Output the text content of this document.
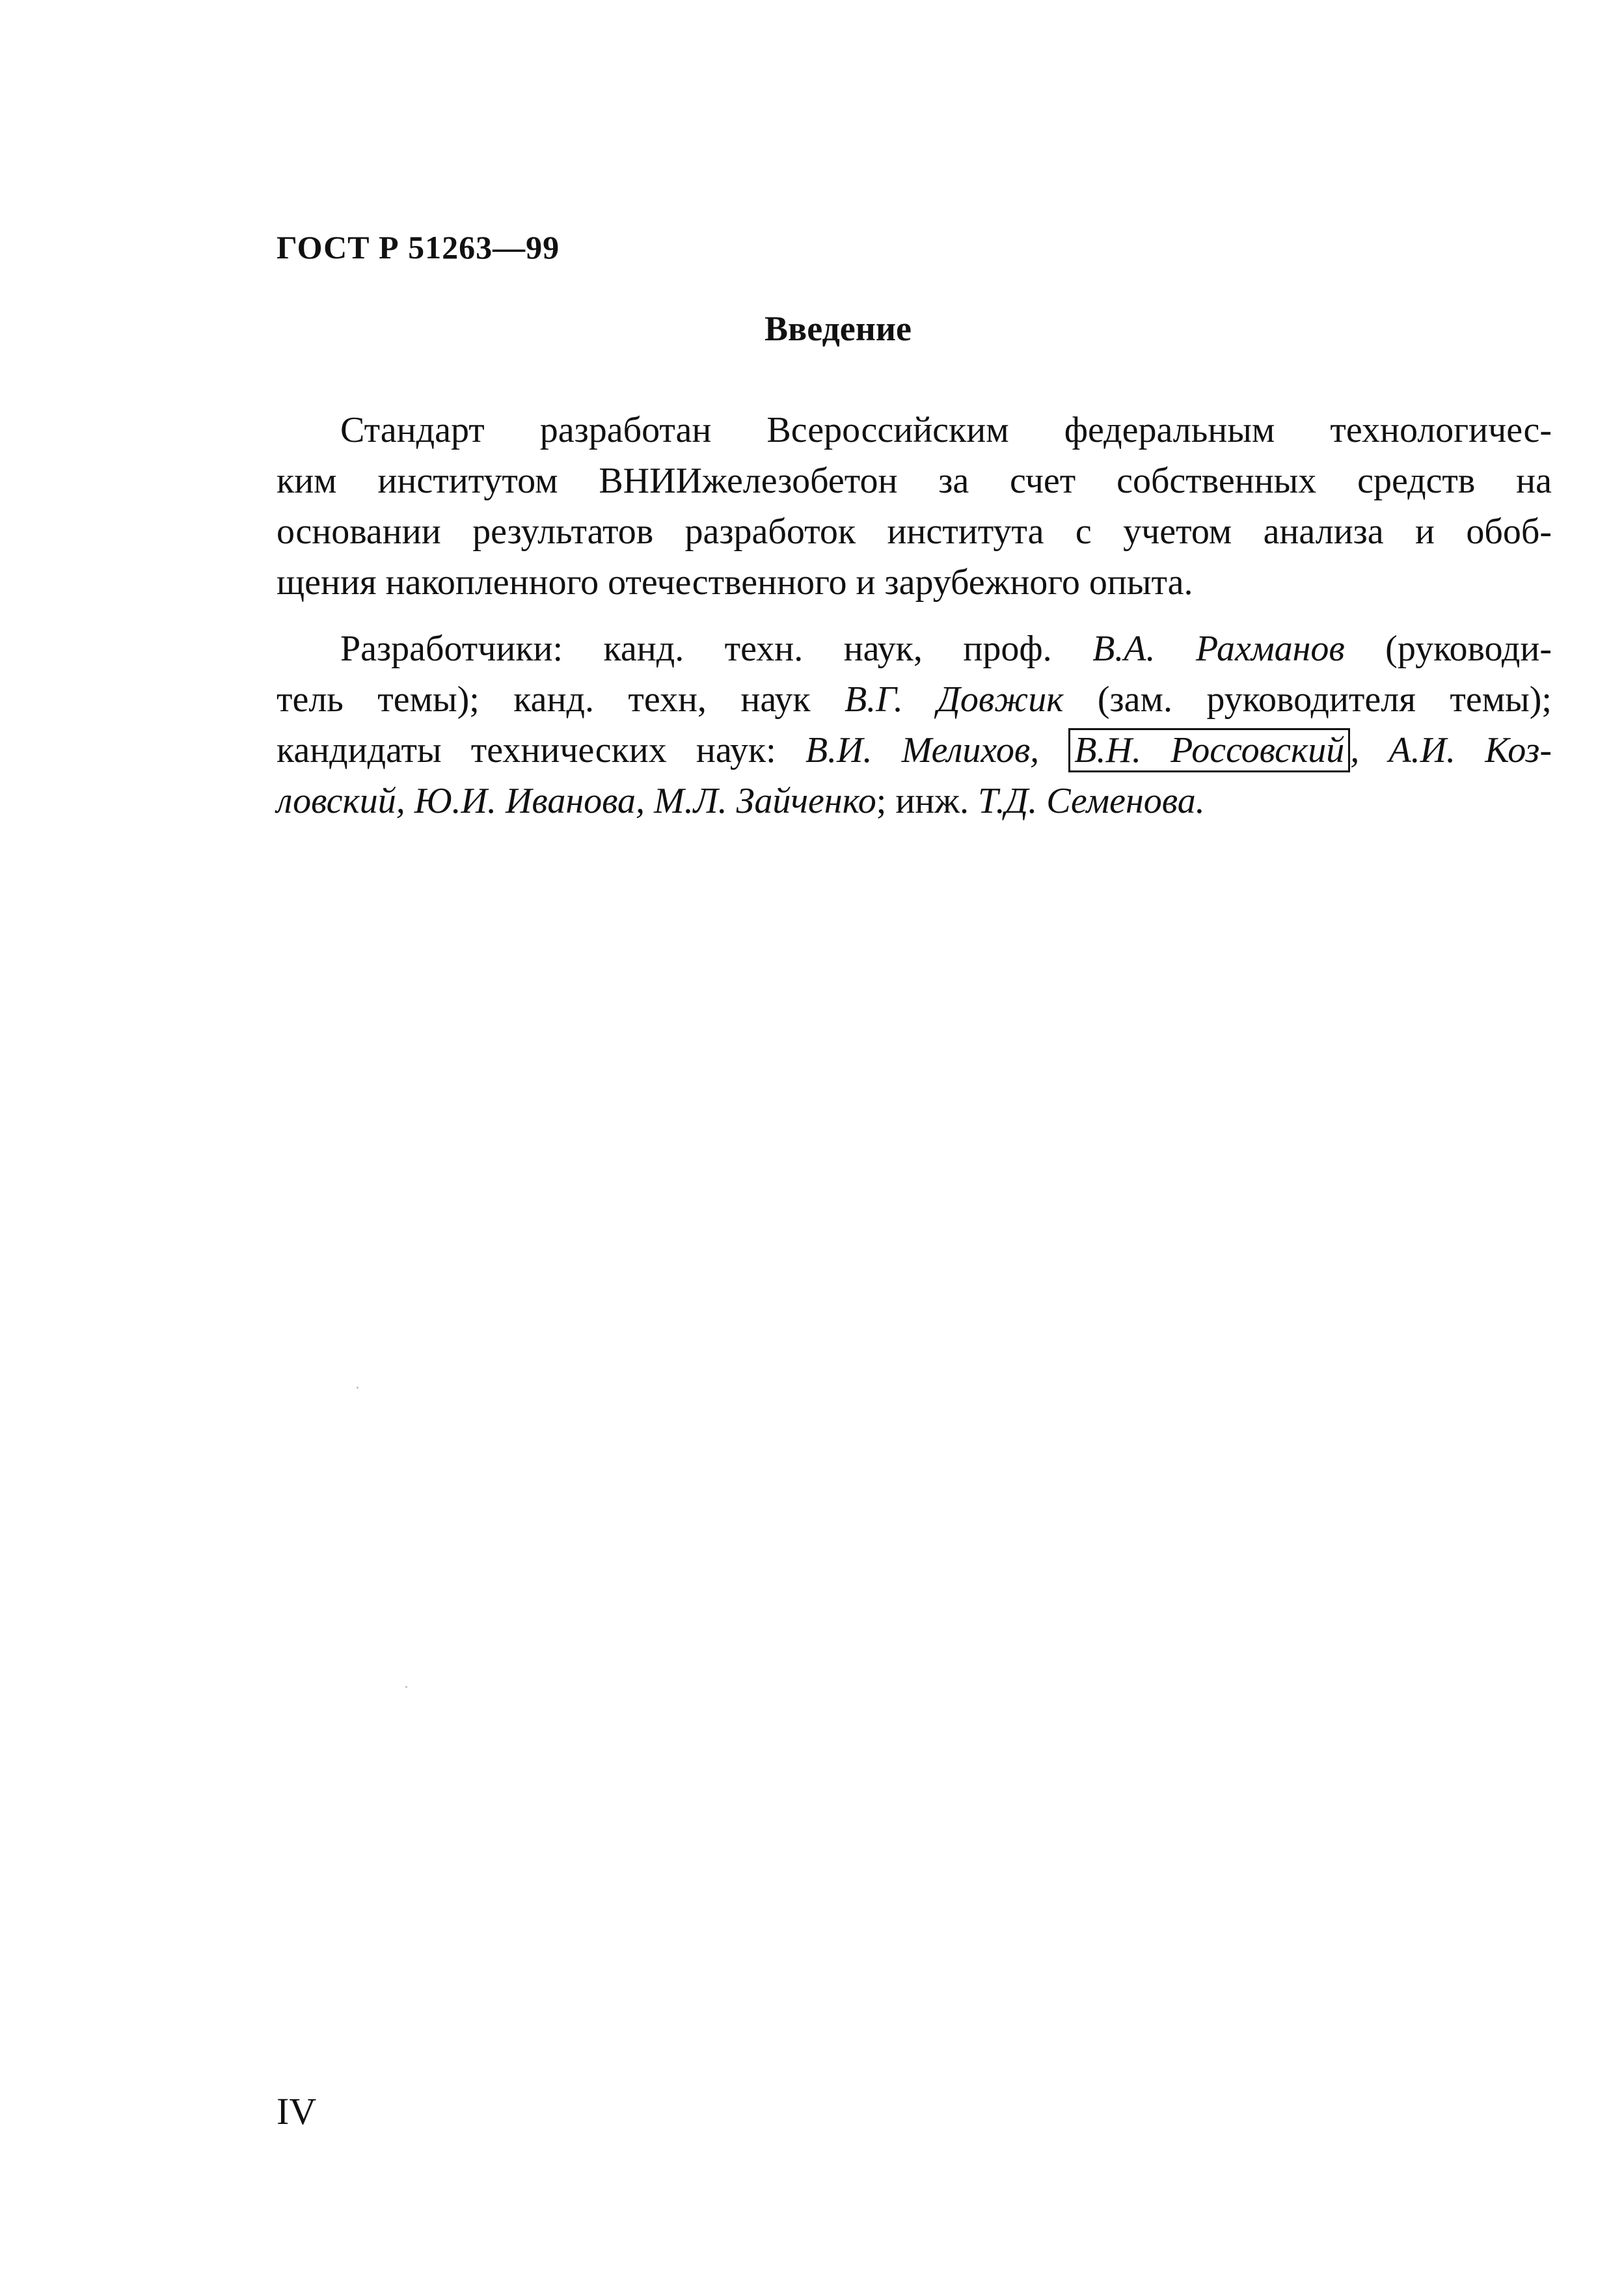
ГОСТ Р 51263—99
Введение
Стандарт разработан Всероссийским федеральным технологичес-
ким институтом ВНИИжелезобетон за счет собственных средств на
основании результатов разработок института с учетом анализа и обоб-
щения накопленного отечественного и зарубежного опыта.
Разработчики: канд. техн. наук, проф. В.А. Рахманов (руководи-
тель темы); канд. техн, наук В.Г. Довжик (зам. руководителя темы);
кандидаты технических наук: В.И. Мелихов, В.Н. Россовский , А.И. Коз-
ловский, Ю.И. Иванова, М.Л. Зайченко; инж. Т.Д. Семенова.
IV
